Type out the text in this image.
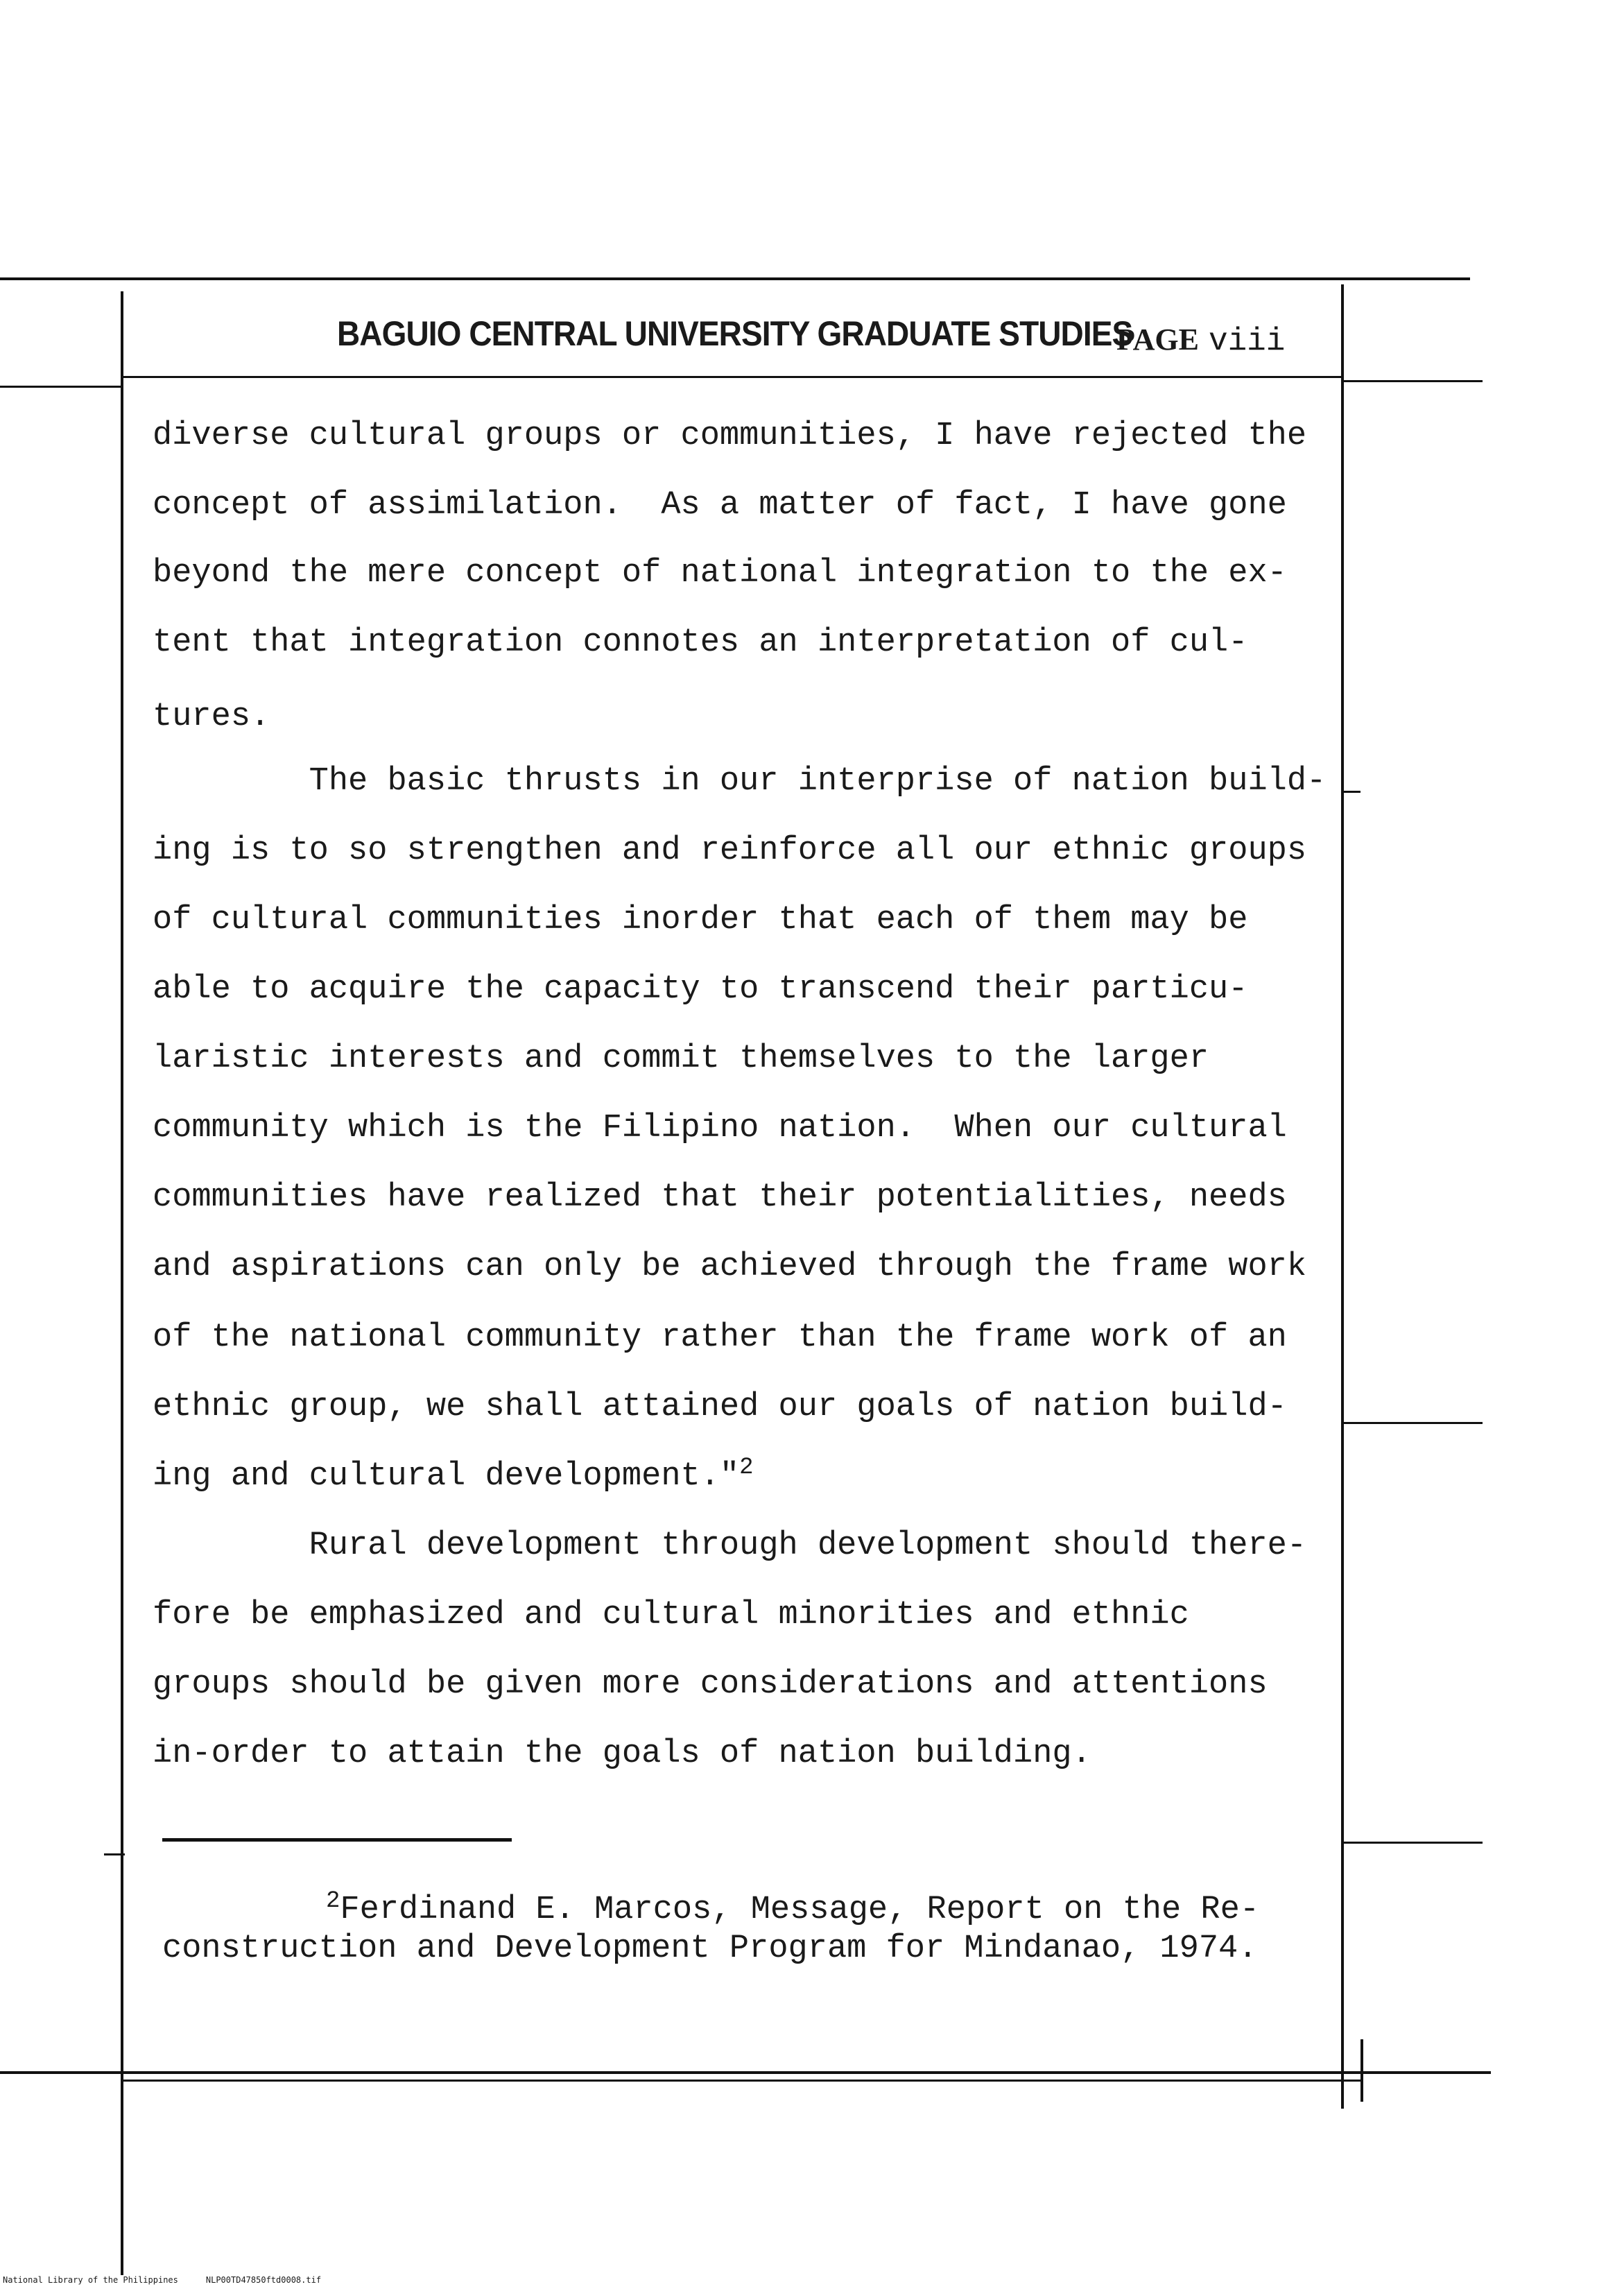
BAGUIO CENTRAL UNIVERSITY GRADUATE STUDIES
PAGE viii
diverse cultural groups or communities, I have rejected the
concept of assimilation.  As a matter of fact, I have gone
beyond the mere concept of national integration to the ex-
tent that integration connotes an interpretation of cul-
tures.
The basic thrusts in our interprise of nation build-
ing is to so strengthen and reinforce all our ethnic groups
of cultural communities inorder that each of them may be
able to acquire the capacity to transcend their particu-
laristic interests and commit themselves to the larger
community which is the Filipino nation.  When our cultural
communities have realized that their potentialities, needs
and aspirations can only be achieved through the frame work
of the national community rather than the frame work of an
ethnic group, we shall attained our goals of nation build-
ing and cultural development."$^2$
Rural development through development should there-
fore be emphasized and cultural minorities and ethnic
groups should be given more considerations and attentions
in-order to attain the goals of nation building.
$^2$Ferdinand E. Marcos, Message, Report on the Re-
construction and Development Program for Mindanao, 1974.
National Library of the Philippines	NLP00TD47850ftd0008.tif
